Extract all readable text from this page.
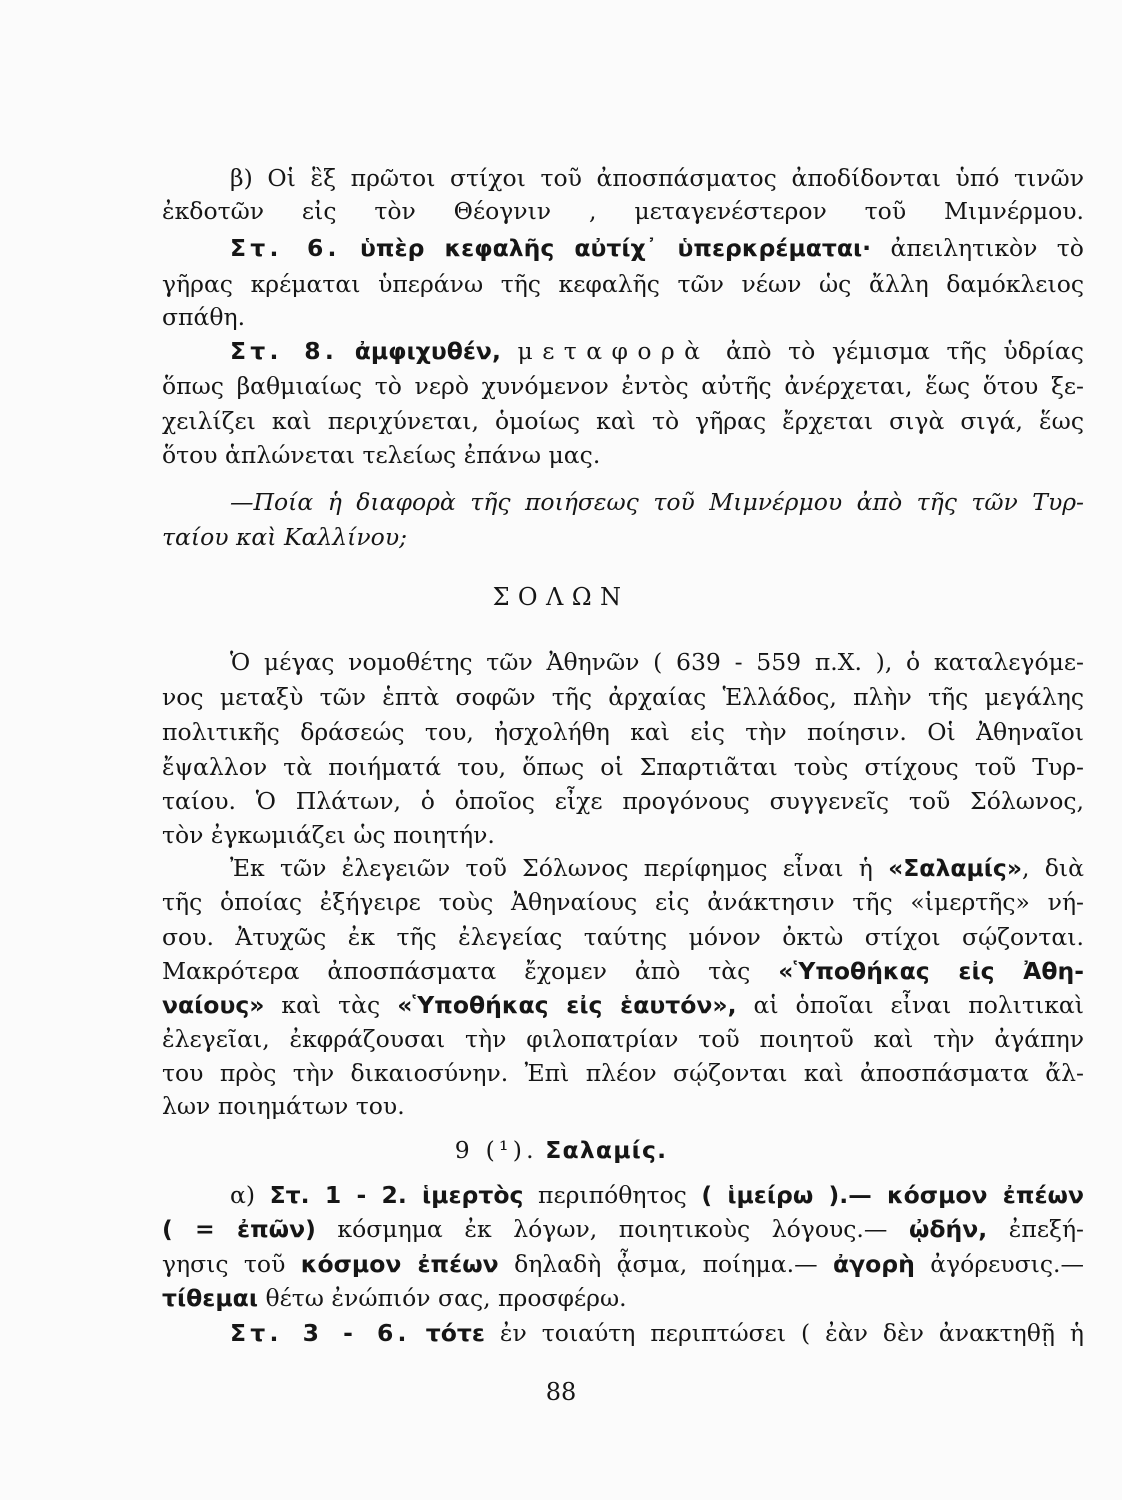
β) Οἱ ἓξ πρῶτοι στίχοι τοῦ ἀποσπάσματος ἀποδίδονται ὑπό τινῶν

ἐκδοτῶν εἰς τὸν Θέογνιν , μεταγενέστερον τοῦ Μιμνέρμου.

Στ. 6. ὑπὲρ κεφαλῆς αὐτίχ᾿ ὑπερκρέμαται· ἀπειλητικὸν τὸ

γῆρας κρέμαται ὑπεράνω τῆς κεφαλῆς τῶν νέων ὡς ἄλλη δαμόκλειος

σπάθη.

Στ. 8. ἀμφιχυθέν, μεταφορὰ ἀπὸ τὸ γέμισμα τῆς ὑδρίας

ὅπως βαθμιαίως τὸ νερὸ χυνόμενον ἐντὸς αὐτῆς ἀνέρχεται, ἕως ὅτου ξε-

χειλίζει καὶ περιχύνεται, ὁμοίως καὶ τὸ γῆρας ἔρχεται σιγὰ σιγά, ἕως

ὅτου ἁπλώνεται τελείως ἐπάνω μας.

—Ποία ἡ διαφορὰ τῆς ποιήσεως τοῦ Μιμνέρμου ἀπὸ τῆς τῶν Τυρ-

ταίου καὶ Καλλίνου;

ΣΟΛΩΝ

Ὁ μέγας νομοθέτης τῶν Ἀθηνῶν ( 639 - 559 π.Χ. ), ὁ καταλεγόμε-

νος μεταξὺ τῶν ἑπτὰ σοφῶν τῆς ἀρχαίας Ἑλλάδος, πλὴν τῆς μεγάλης

πολιτικῆς δράσεώς του, ἠσχολήθη καὶ εἰς τὴν ποίησιν. Οἱ Ἀθηναῖοι

ἔψαλλον τὰ ποιήματά του, ὅπως οἱ Σπαρτιᾶται τοὺς στίχους τοῦ Τυρ-

ταίου. Ὁ Πλάτων, ὁ ὁποῖος εἶχε προγόνους συγγενεῖς τοῦ Σόλωνος,

τὸν ἐγκωμιάζει ὡς ποιητήν.

Ἐκ τῶν ἐλεγειῶν τοῦ Σόλωνος περίφημος εἶναι ἡ «Σαλαμίς», διὰ

τῆς ὁποίας ἐξήγειρε τοὺς Ἀθηναίους εἰς ἀνάκτησιν τῆς «ἱμερτῆς» νή-

σου. Ἀτυχῶς ἐκ τῆς ἐλεγείας ταύτης μόνον ὀκτὼ στίχοι σῴζονται.

Μακρότερα ἀποσπάσματα ἔχομεν ἀπὸ τὰς «Ὑποθήκας εἰς Ἀθη-

ναίους» καὶ τὰς «Ὑποθήκας εἰς ἑαυτόν», αἱ ὁποῖαι εἶναι πολιτικαὶ

ἐλεγεῖαι, ἐκφράζουσαι τὴν φιλοπατρίαν τοῦ ποιητοῦ καὶ τὴν ἀγάπην

του πρὸς τὴν δικαιοσύνην. Ἐπὶ πλέον σῴζονται καὶ ἀποσπάσματα ἄλ-

λων ποιημάτων του.

9 (¹). Σαλαμίς.

α) Στ. 1 - 2. ἱμερτὸς περιπόθητος ( ἱμείρω ).— κόσμον ἐπέων

( = ἐπῶν) κόσμημα ἐκ λόγων, ποιητικοὺς λόγους.— ᾠδήν, ἐπεξή-

γησις τοῦ κόσμον ἐπέων δηλαδὴ ᾆσμα, ποίημα.— ἀγορὴ ἀγόρευσις.—

τίθεμαι θέτω ἐνώπιόν σας, προσφέρω.

Στ. 3 - 6. τότε ἐν τοιαύτη περιπτώσει ( ἐὰν δὲν ἀνακτηθῇ ἡ

88
